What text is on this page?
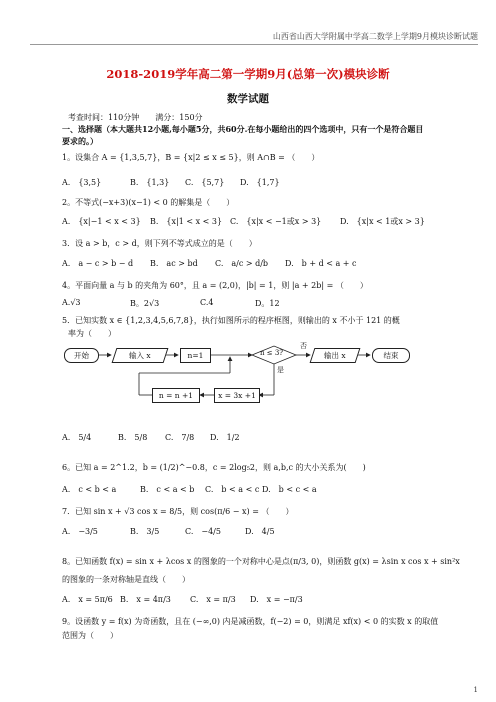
山西省山西大学附属中学高二数学上学期9月模块诊断试题
2018-2019学年高二第一学期9月(总第一次)模块诊断
数学试题
考查时间：110分钟　　满分：150分
一、选择题（本大题共12小题,每小题5分，共60分.在每小题给出的四个选项中，只有一个是符合题目
要求的。）
1。设集合 A = {1,3,5,7}，B = {x|2 ≤ x ≤ 5}，则 A∩B = （　　）
A.　{3,5}	B.　{1,3} C.　{5,7} D.　{1,7}
2。不等式(−x+3)(x−1) < 0 的解集是（　　）
A.　{x|−1 < x < 3} B.　{x|1 < x < 3} C.　{x|x < −1或x > 3} D.　{x|x < 1或x > 3}
3．设 a > b，c > d，则下列不等式成立的是（　　）
A.　a − c > b − d B.　ac > bd C.　a/c > d/b D.　b + d < a + c
4。平面向量 a 与 b 的夹角为 60°，且 a = (2,0)，|b| = 1，则 |a + 2b| = （　　）
A.√3	B。2√3	C.4	D。12
5．已知实数 x ∈ {1,2,3,4,5,6,7,8}，执行如图所示的程序框图，则输出的 x 不小于 121 的概
率为（　　）
开始	输入 x	n=1	n ≤ 3?
否
是
输出 x	结束
n = n +1	x = 3x +1
A.　5/4	B.　5/8 C.　7/8 D.　1/2
6。已知 a = 2^1.2，b = (1/2)^−0.8，c = 2log₅2，则 a,b,c 的大小关系为(　　)
A.　c < b < a	B.　c < a < b C.　b < a < c D.　b < c < a
7．已知 sin x + √3 cos x = 8/5，则 cos(π/6 − x) = （　　）
A.　−3/5	B.　3/5	C.　−4/5	D.　4/5
8。已知函数 f(x) = sin x + λcos x 的图象的一个对称中心是点(π/3, 0)，则函数 g(x) = λsin x cos x + sin²x
的图象的一条对称轴是直线（　　）
A.　x = 5π/6 B.　x = 4π/3 C.　x = π/3 D.　x = −π/3
9。设函数 y = f(x) 为奇函数，且在 (−∞,0) 内是减函数，f(−2) = 0，则满足 xf(x) < 0 的实数 x 的取值
范围为（　　）
1
